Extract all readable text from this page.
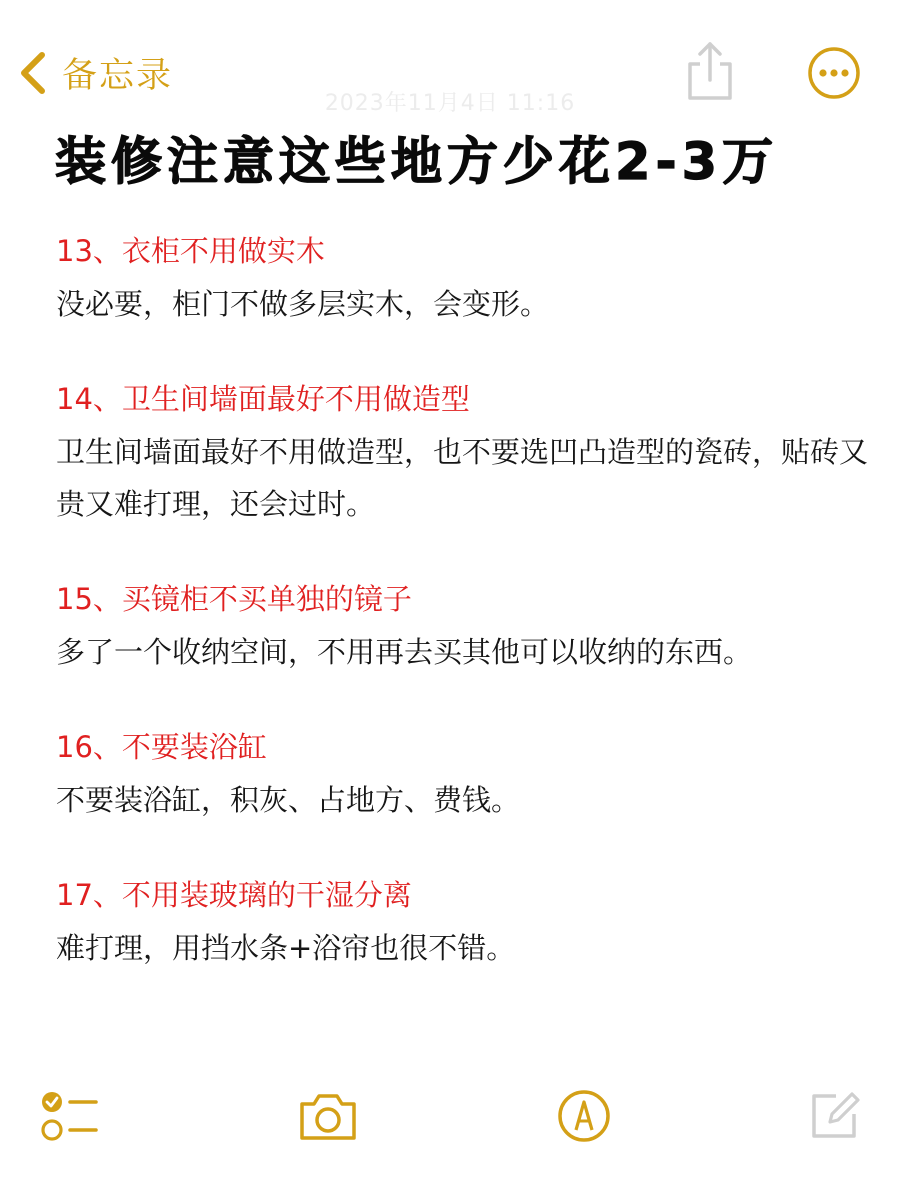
备忘录
2023年11月4日 11:16
装修注意这些地方少花2-3万
13、衣柜不用做实木
没必要，柜门不做多层实木，会变形。
14、卫生间墙面最好不用做造型
卫生间墙面最好不用做造型，也不要选凹凸造型的瓷砖，贴砖又贵又难打理，还会过时。
15、买镜柜不买单独的镜子
多了一个收纳空间，不用再去买其他可以收纳的东西。
16、不要装浴缸
不要装浴缸，积灰、占地方、费钱。
17、不用装玻璃的干湿分离
难打理，用挡水条+浴帘也很不错。
